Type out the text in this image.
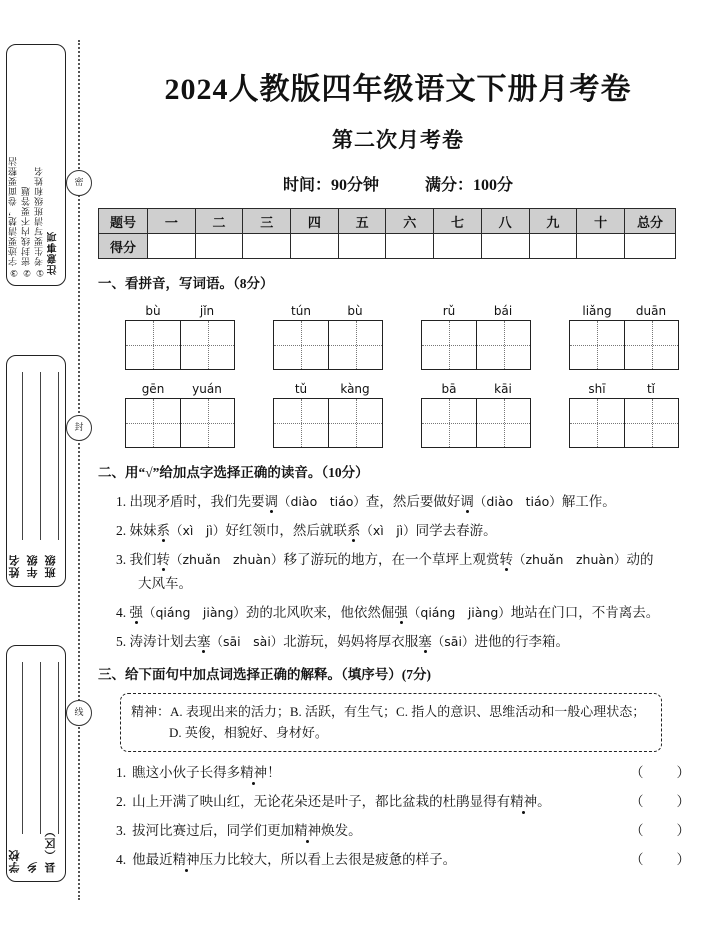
密
封
线
注意事项
①考生要写清班级和姓名
②密封线内不要答题
③字迹要清楚，卷面要整洁
班级
年级
姓名
县（区）
乡
学校
2024人教版四年级语文下册月考卷
第二次月考卷
时间：90分钟	满分：100分
题号	一	二	三	四	五	六	七	八	九	十	总分
得分											
一、看拼音，写词语。（8分）
bù	jǐn	tún	bù	rǔ	bái	liǎng	duān
gēn	yuán	tǔ	kàng	bā	kāi	shī	tǐ
二、用“√”给加点字选择正确的读音。（10分）
1. 出现矛盾时，我们先要调（diào　tiáo）查，然后要做好调（diào　tiáo）解工作。
2. 妹妹系（xì　jì）好红领巾，然后就联系（xì　jì）同学去春游。
3. 我们转（zhuǎn　zhuàn）移了游玩的地方，在一个草坪上观赏转（zhuǎn　zhuàn）动的
大风车。
4. 强（qiáng　jiàng）劲的北风吹来，他依然倔强（qiáng　jiàng）地站在门口，不肯离去。
5. 涛涛计划去塞（sāi　sài）北游玩，妈妈将厚衣服塞（sāi）进他的行李箱。
三、给下面句中加点词选择正确的解释。（填序号）(7分)
精神：A. 表现出来的活力；B. 活跃，有生气；C. 指人的意识、思维活动和一般心理状态；
D. 英俊，相貌好、身材好。
1. 瞧这小伙子长得多 精神 ！	（　　）
2. 山上开满了映山红，无论花朵还是叶子，都比盆栽的杜鹃显得有 精神 。	（　　）
3. 拔河比赛过后，同学们更加 精神 焕发。	（　　）
4. 他最近 精神 压力比较大，所以看上去很是疲惫的样子。	（　　）
